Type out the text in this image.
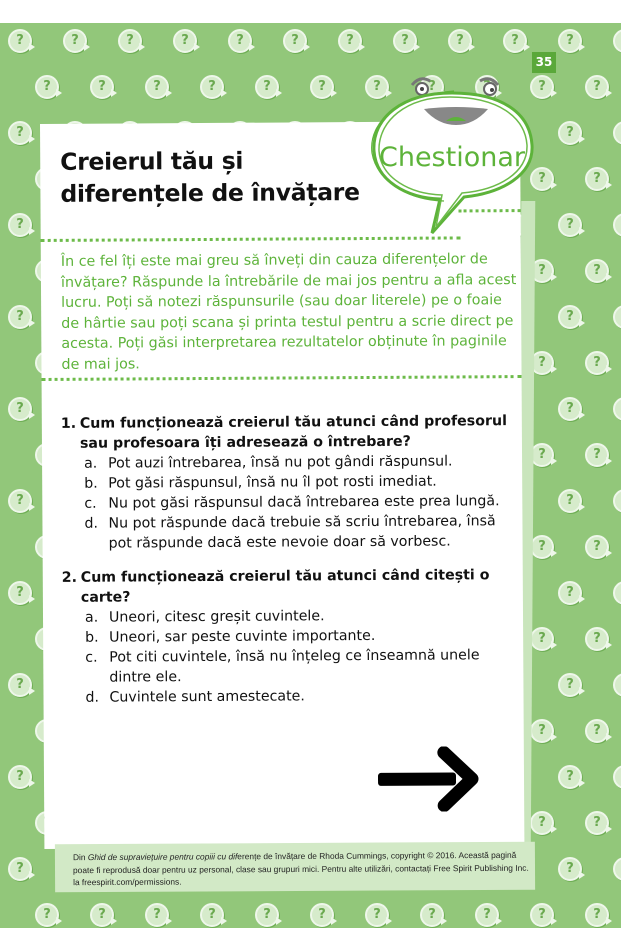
?
?
?
?
?
?
?
?
?
?
?
?
?
?
?
?
?
?
?
?
?
?
?
?
?
?
?
?
?
?
?
?
?
?
?
?
?
?
?
?
?
?
?
?
?
?
?
?
?
?
?
?
?
?
?
?
?
?
?
?
?
?
?
?
?
?
?
?
?
?
?
?
?
?
?
?
?
?
?
?
?
?
?
?
?
?
?
?
?
?
?
?
?
?
?
?
?
?
?
?
?
?
?
?
?
?
?
?
?
?
?
?
?
?
?
?
?
?
?
?
?
?
?
?
?
?
?
?
?
?
?
?
?
?
?
?
?
?
?
?
?
?
?
?
?
?
?
?
?
?
?
?
?
?
?
?
?
?
?
?
?
?
?
?
?
?
?
?
?
?
?
?
?
?
?
?
?
?
?
?
?
?
?
?
?
?
?
?
?
?
?
?
?
?
?
?
?
?
?
?
?
?
?
?
?
?
?
?
?
?
?
?
?
?
?
?
?
?
?
?
?
?
?
?
?
?
?
?
?
?
Creierul tău și
diferențele de învățare

În ce fel îți este mai greu să înveți din cauza diferențelor de învățare? Răspunde la întrebările de mai jos pentru a afla acest lucru. Poți să notezi răspunsurile (sau doar literele) pe o foaie de hârtie sau poți scana și printa testul pentru a scrie direct pe acesta. Poți găsi interpretarea rezultatelor obținute în paginile de mai jos.

1. Cum funcționează creierul tău atunci când profesorul sau profesoara îți adresează o întrebare?
a. Pot auzi întrebarea, însă nu pot gândi răspunsul.
b. Pot găsi răspunsul, însă nu îl pot rosti imediat.
c. Nu pot găsi răspunsul dacă întrebarea este prea lungă.
d. Nu pot răspunde dacă trebuie să scriu întrebarea, însă pot răspunde dacă este nevoie doar să vorbesc.
2. Cum funcționează creierul tău atunci când citești o carte?
a. Uneori, citesc greșit cuvintele.
b. Uneori, sar peste cuvinte importante.
c. Pot citi cuvintele, însă nu înțeleg ce înseamnă unele dintre ele.
d. Cuvintele sunt amestecate.

Din Ghid de supraviețuire pentru copiii cu diferențe de învățare de Rhoda Cummings, copyright © 2016. Această pagină poate fi reprodusă doar pentru uz personal, clase sau grupuri mici. Pentru alte utilizări, contactați Free Spirit Publishing Inc. la freespirit.com/permissions.

35
Chestionar
